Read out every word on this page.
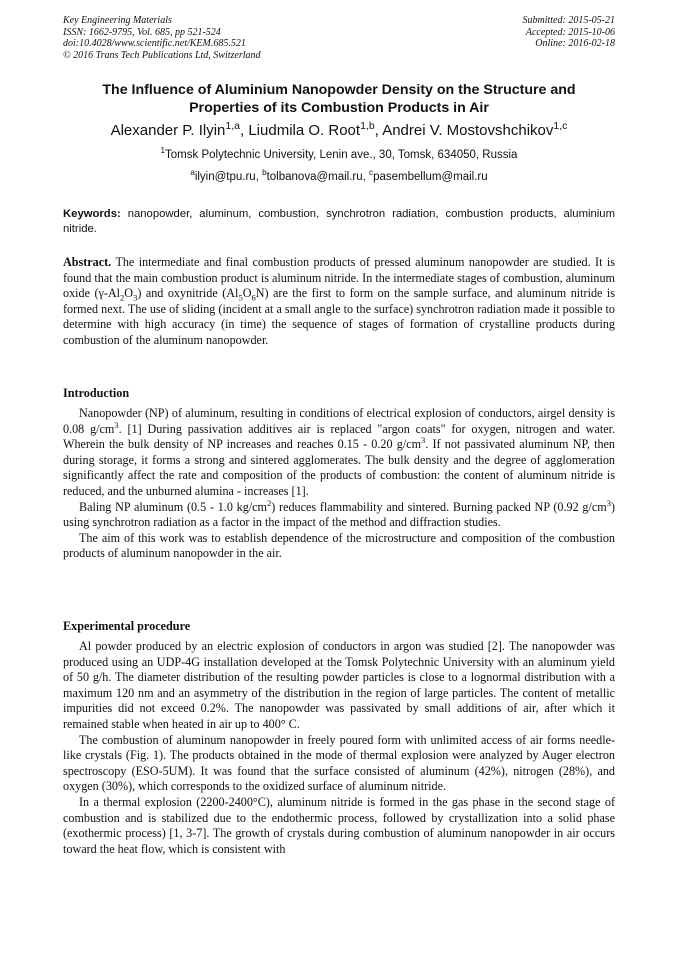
Key Engineering Materials
ISSN: 1662-9795, Vol. 685, pp 521-524
doi:10.4028/www.scientific.net/KEM.685.521
© 2016 Trans Tech Publications Ltd, Switzerland
Submitted: 2015-05-21
Accepted: 2015-10-06
Online: 2016-02-18
The Influence of Aluminium Nanopowder Density on the Structure and
Properties of its Combustion Products in Air
Alexander P. Ilyin$^{1,a}$, Liudmila O. Root$^{1,b}$, Andrei V. Mostovshchikov$^{1,c}$
$^1$Tomsk Polytechnic University, Lenin ave., 30, Tomsk, 634050, Russia
$^a$ilyin@tpu.ru, $^b$tolbanova@mail.ru, $^c$pasembellum@mail.ru
Keywords: nanopowder, aluminum, combustion, synchrotron radiation, combustion products, aluminium nitride.

Abstract. The intermediate and final combustion products of pressed aluminum nanopowder are studied. It is found that the main combustion product is aluminum nitride. In the intermediate stages of combustion, aluminum oxide $(\gamma-Al_2O_3)$ and oxynitride $(Al_5O_6N)$ are the first to form on the sample surface, and aluminum nitride is formed next. The use of sliding (incident at a small angle to the surface) synchrotron radiation made it possible to determine with high accuracy (in time) the sequence of stages of formation of crystalline products during combustion of the aluminum nanopowder.

Introduction

Nanopowder (NP) of aluminum, resulting in conditions of electrical explosion of conductors, airgel density is 0.08 $g/cm^3$. [1] During passivation additives air is replaced "argon coats" for oxygen, nitrogen and water. Wherein the bulk density of NP increases and reaches 0.15 - 0.20 $g/cm^3$. If not passivated aluminum NP, then during storage, it forms a strong and sintered agglomerates. The bulk density and the degree of agglomeration significantly affect the rate and composition of the products of combustion: the content of aluminum nitride is reduced, and the unburned alumina - increases [1].

Baling NP aluminum (0.5 - 1.0 $kg/cm^2$) reduces flammability and sintered. Burning packed NP (0.92 $g/cm^3$) using synchrotron radiation as a factor in the impact of the method and diffraction studies.

The aim of this work was to establish dependence of the microstructure and composition of the combustion products of aluminum nanopowder in the air.

Experimental procedure

Al powder produced by an electric explosion of conductors in argon was studied [2]. The nanopowder was produced using an UDP-4G installation developed at the Tomsk Polytechnic University with an aluminum yield of 50 g/h. The diameter distribution of the resulting powder particles is close to a lognormal distribution with a maximum 120 nm and an asymmetry of the distribution in the region of large particles. The content of metallic impurities did not exceed 0.2%. The nanopowder was passivated by small additions of air, after which it remained stable when heated in air up to 400° C.

The combustion of aluminum nanopowder in freely poured form with unlimited access of air forms needle-like crystals (Fig. 1). The products obtained in the mode of thermal explosion were analyzed by Auger electron spectroscopy (ESO-5UM). It was found that the surface consisted of aluminum (42%), nitrogen (28%), and oxygen (30%), which corresponds to the oxidized surface of aluminum nitride.

In a thermal explosion (2200-2400°C), aluminum nitride is formed in the gas phase in the second stage of combustion and is stabilized due to the endothermic process, followed by crystallization into a solid phase (exothermic process) [1, 3-7]. The growth of crystals during combustion of aluminum nanopowder in air occurs toward the heat flow, which is consistent with
